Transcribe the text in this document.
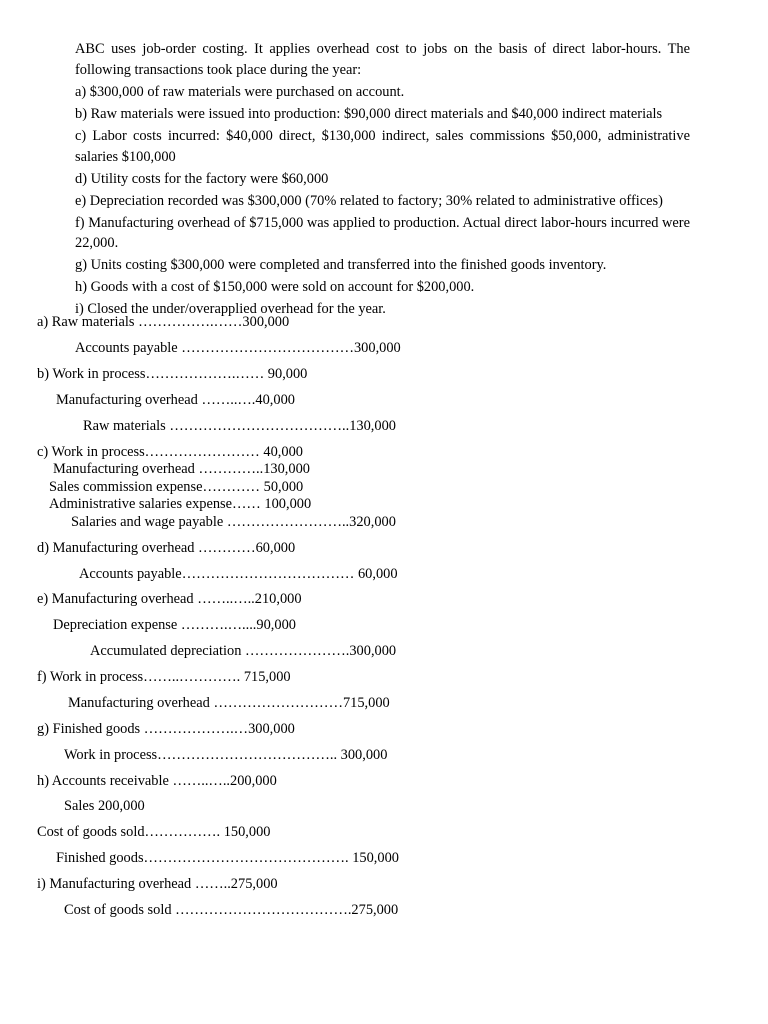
ABC uses job-order costing. It applies overhead cost to jobs on the basis of direct labor-hours. The following transactions took place during the year:

a) $300,000 of raw materials were purchased on account.

b) Raw materials were issued into production: $90,000 direct materials and $40,000 indirect materials

c) Labor costs incurred: $40,000 direct, $130,000 indirect, sales commissions $50,000, administrative salaries $100,000

d) Utility costs for the factory were $60,000

e) Depreciation recorded was $300,000 (70% related to factory; 30% related to administrative offices)

f) Manufacturing overhead of $715,000 was applied to production. Actual direct labor-hours incurred were 22,000.

g) Units costing $300,000 were completed and transferred into the finished goods inventory.

h) Goods with a cost of $150,000 were sold on account for $200,000.

i) Closed the under/overapplied overhead for the year.

a) Raw materials …………….……300,000
Accounts payable ………………………………300,000
b) Work in process……………….…… 90,000
Manufacturing overhead ……..….40,000
Raw materials ………………………………..130,000
c) Work in process…………………… 40,000
Manufacturing overhead …………..130,000
Sales commission expense………… 50,000
Administrative salaries expense…… 100,000
Salaries and wage payable ……………………..320,000
d) Manufacturing overhead …………60,000
Accounts payable……………………………… 60,000
e) Manufacturing overhead ……..…..210,000
Depreciation expense ……….…....90,000
Accumulated depreciation ………………….300,000
f) Work in process……..…………. 715,000
Manufacturing overhead ………………………715,000
g) Finished goods ……………….…300,000
Work in process……………………………….. 300,000
h) Accounts receivable ……..…..200,000
Sales 200,000
Cost of goods sold……………. 150,000
Finished goods……………………………………. 150,000
i) Manufacturing overhead ……..275,000
Cost of goods sold ……………………………….275,000
